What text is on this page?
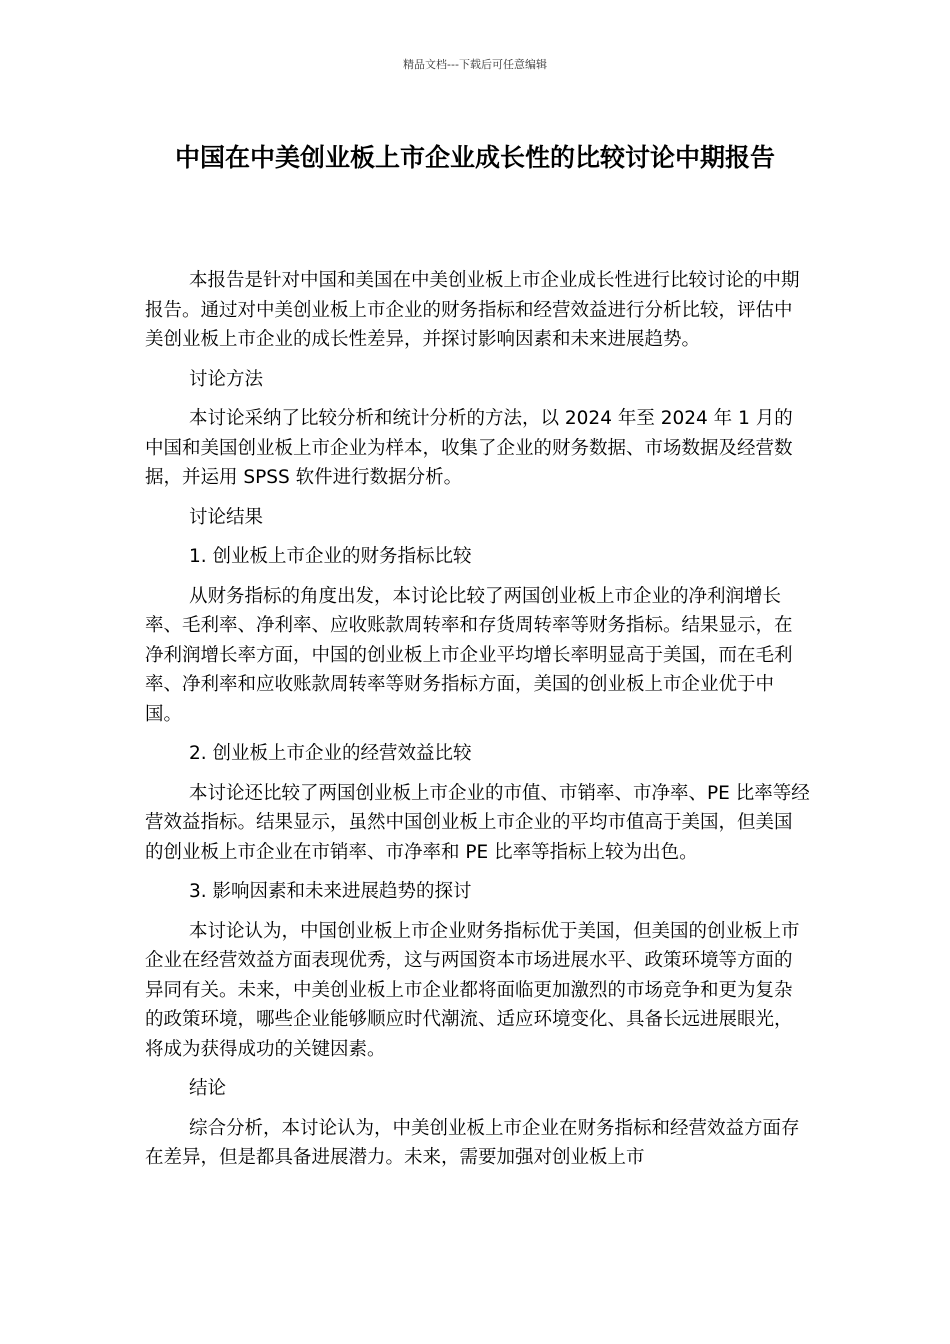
精品文档---下载后可任意编辑
中国在中美创业板上市企业成长性的比较讨论中期报告

本报告是针对中国和美国在中美创业板上市企业成长性进行比较讨论的中期报告。通过对中美创业板上市企业的财务指标和经营效益进行分析比较，评估中美创业板上市企业的成长性差异，并探讨影响因素和未来进展趋势。

讨论方法

本讨论采纳了比较分析和统计分析的方法，以 2024 年至 2024 年 1 月的中国和美国创业板上市企业为样本，收集了企业的财务数据、市场数据及经营数据，并运用 SPSS 软件进行数据分析。

讨论结果

1. 创业板上市企业的财务指标比较

从财务指标的角度出发，本讨论比较了两国创业板上市企业的净利润增长率、毛利率、净利率、应收账款周转率和存货周转率等财务指标。结果显示，在净利润增长率方面，中国的创业板上市企业平均增长率明显高于美国，而在毛利率、净利率和应收账款周转率等财务指标方面，美国的创业板上市企业优于中国。

2. 创业板上市企业的经营效益比较

本讨论还比较了两国创业板上市企业的市值、市销率、市净率、PE 比率等经营效益指标。结果显示，虽然中国创业板上市企业的平均市值高于美国，但美国的创业板上市企业在市销率、市净率和 PE 比率等指标上较为出色。

3. 影响因素和未来进展趋势的探讨

本讨论认为，中国创业板上市企业财务指标优于美国，但美国的创业板上市企业在经营效益方面表现优秀，这与两国资本市场进展水平、政策环境等方面的异同有关。未来，中美创业板上市企业都将面临更加激烈的市场竞争和更为复杂的政策环境，哪些企业能够顺应时代潮流、适应环境变化、具备长远进展眼光，将成为获得成功的关键因素。

结论

综合分析，本讨论认为，中美创业板上市企业在财务指标和经营效益方面存在差异，但是都具备进展潜力。未来，需要加强对创业板上市
